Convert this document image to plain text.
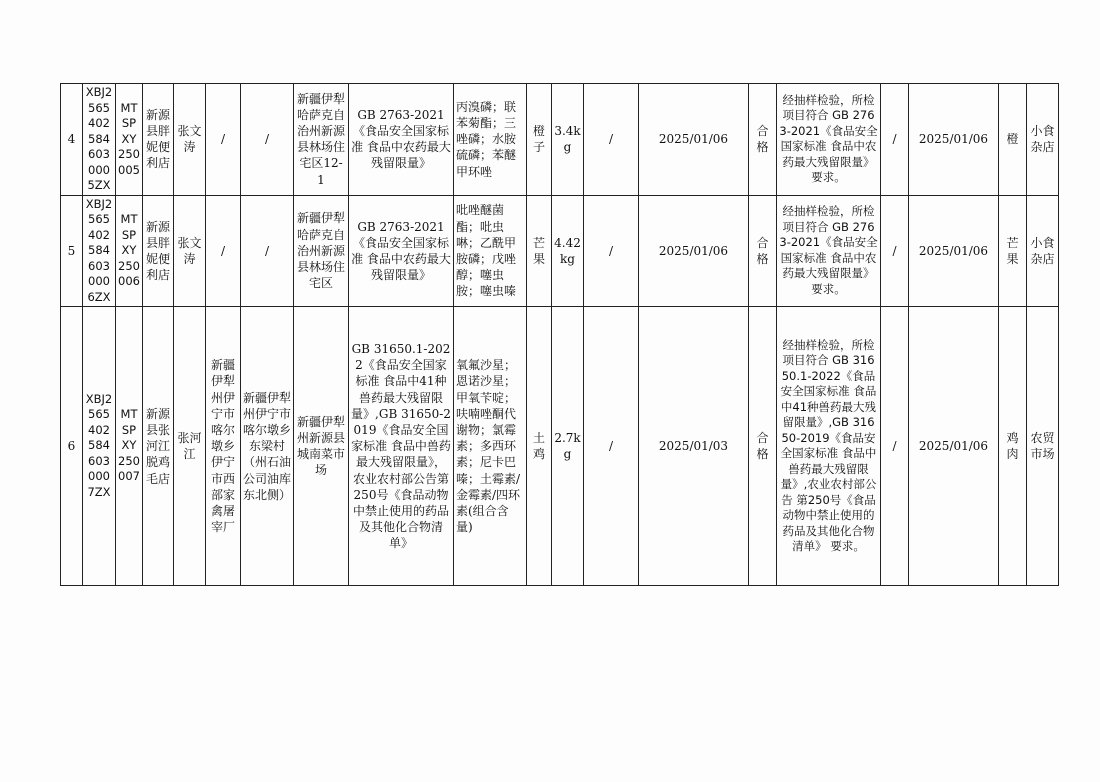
4	XBJ2565402584603 0005ZX	MTSPXY250005	新源县胖妮便利店	张文涛	/	/	新疆伊犁哈萨克自治州新源县林场住宅区12-1	GB 2763-2021《食品安全国家标准 食品中农药最大残留限量》	丙溴磷；联苯菊酯；三唑磷；水胺硫磷；苯醚甲环唑	橙子	3.4kg	/	2025/01/06	合格	经抽样检验，所检项目符合 GB 2763-2021《食品安全国家标准 食品中农药最大残留限量》 要求。	/	2025/01/06	橙	小食杂店
5	XBJ2565402584603 0006ZX	MTSPXY250006	新源县胖妮便利店	张文涛	/	/	新疆伊犁哈萨克自治州新源县林场住宅区	GB 2763-2021《食品安全国家标准 食品中农药最大残留限量》	吡唑醚菌酯；吡虫啉；乙酰甲胺磷；戊唑醇；噻虫胺；噻虫嗪	芒果	4.42kg	/	2025/01/06	合格	经抽样检验，所检项目符合 GB 2763-2021《食品安全国家标准 食品中农药最大残留限量》 要求。	/	2025/01/06	芒果	小食杂店
6	XBJ2565402584603 0007ZX	MTSPXY250007	新源县张河江脱鸡毛店	张河江	新疆伊犁州伊宁市喀尔墩乡伊宁市西部家禽屠宰厂	新疆伊犁州伊宁市喀尔墩乡东梁村（州石油公司油库东北侧）	新疆伊犁州新源县城南菜市场	GB 31650.1-2022《食品安全国家标准 食品中41种兽药最大残留限量》,GB 31650-2019《食品安全国家标准 食品中兽药最大残留限量》，农业农村部公告第250号《食品动物中禁止使用的药品及其他化合物清单》	氧氟沙星；恩诺沙星；甲氧苄啶；呋喃唑酮代谢物；氯霉素；多西环素；尼卡巴嗪；土霉素/金霉素/四环素(组合含量)	土鸡	2.7kg	/	2025/01/03	合格	经抽样检验，所检项目符合 GB 31650.1-2022《食品安全国家标准 食品中41种兽药最大残留限量》,GB 31650-2019《食品安全国家标准 食品中兽药最大残留限量》,农业农村部公告 第250号《食品动物中禁止使用的药品及其他化合物清单》 要求。	/	2025/01/06	鸡肉	农贸市场
